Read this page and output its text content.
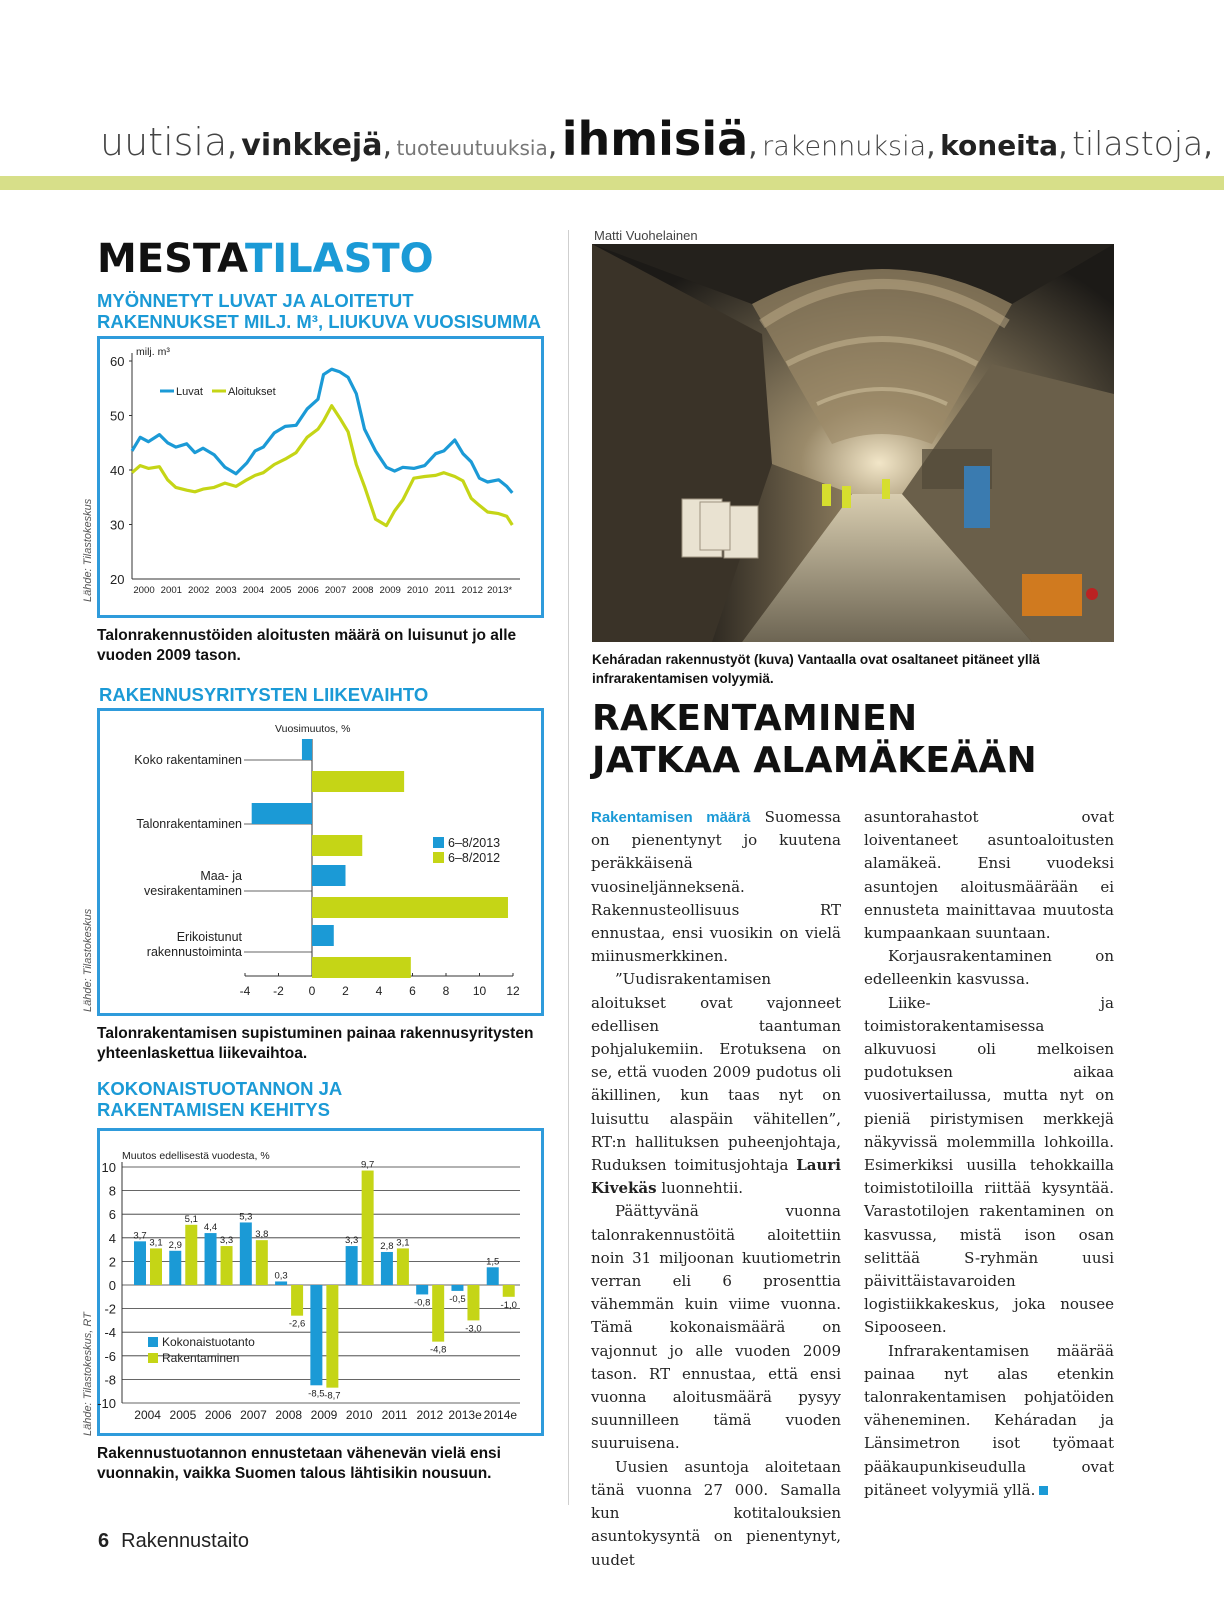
uutisia, vinkkejä, tuoteuutuuksia, ihmisiä, rakennuksia, koneita, tilastoja,
MESTATILASTO
MYÖNNETYT LUVAT JA ALOITETUT RAKENNUKSET MILJ. M³, LIUKUVA VUOSISUMMA
60
50
40
30
20
milj. m³
2000 2001 2002 2003 2004 2005 2006 2007 2008 2009 2010 2011 2012 2013*
Luvat Aloitukset
Lähde: Tilastokeskus
Talonrakennustöiden aloitusten määrä on luisunut jo alle vuoden 2009 tason.
RAKENNUSYRITYSTEN LIIKEVAIHTO
Vuosimuutos, %
-4 -2 0 2 4 6 8 10 12
Koko rakentaminen
Talonrakentaminen
Maa- ja
vesirakentaminen
Erikoistunut
rakennustoiminta
6–8/2013
6–8/2012
Lähde: Tilastokeskus
Talonrakentamisen supistuminen painaa rakennusyritysten yhteenlaskettua liikevaihtoa.
KOKONAISTUOTANNON JA RAKENTAMISEN KEHITYS
Muutos edellisestä vuodesta, %
10
8
6
4
2
0
-2
-4
-6
-8
-10
2004
3,7
3,1
2005
2,9
5,1
2006
4,4
3,3
2007
5,3
3,8
2008
0,3
-2,6
2009
-8,5 -8,7
2010
3,3
9,7
2011
2,8 3,1
2012
-0,8
-4,8
2013e
-0,5
-3,0
2014e
1,5
-1,0
Kokonaistuotanto
Rakentaminen
Lähde: Tilastokeskus, RT
Rakennustuotannon ennustetaan vähenevän vielä ensi vuonnakin, vaikka Suomen talous lähtisikin nousuun.
Matti Vuohelainen
Keháradan rakennustyöt (kuva) Vantaalla ovat osaltaneet pitäneet yllä infrarakentamisen volyymiä.
RAKENTAMINEN
JATKAA ALAMÄKEÄÄN

Rakentamisen määrä Suomessa on pienentynyt jo kuutena peräkkäisenä vuosineljänneksenä. Rakennusteollisuus RT ennustaa, ensi vuosikin on vielä miinusmerkkinen.

”Uudisrakentamisen aloitukset ovat vajonneet edellisen taantuman pohjalukemiin. Erotuksena on se, että vuoden 2009 pudotus oli äkillinen, kun taas nyt on luisuttu alaspäin vähitellen”, RT:n hallituksen puheenjohtaja, Ruduksen toimitusjohtaja Lauri Kivekäs luonnehtii.

Päättyvänä vuonna talonrakennustöitä aloitettiin noin 31 miljoonan kuutiometrin verran eli 6 prosenttia vähemmän kuin viime vuonna. Tämä kokonaismäärä on vajonnut jo alle vuoden 2009 tason. RT ennustaa, että ensi vuonna aloitusmäärä pysyy suunnilleen tämä vuoden suuruisena.

Uusien asuntoja aloitetaan tänä vuonna 27 000. Samalla kun kotitalouksien asuntokysyntä on pienentynyt, uudet

asuntorahastot ovat loiventaneet asuntoaloitusten alamäkeä. Ensi vuodeksi asuntojen aloitusmäärään ei ennusteta mainittavaa muutosta kumpaankaan suuntaan.

Korjausrakentaminen on edelleenkin kasvussa.

Liike- ja toimistorakentamisessa alkuvuosi oli melkoisen pudotuksen aikaa vuosivertailussa, mutta nyt on pieniä piristymisen merkkejä näkyvissä molemmilla lohkoilla. Esimerkiksi uusilla tehokkailla toimistotiloilla riittää kysyntää. Varastotilojen rakentaminen on kasvussa, mistä ison osan selittää S-ryhmän uusi päivittäistavaroiden logistiikkakeskus, joka nousee Sipooseen.

Infrarakentamisen määrää painaa nyt alas etenkin talonrakentamisen pohjatöiden väheneminen. Keháradan ja Länsimetron isot työmaat pääkaupunkiseudulla ovat pitäneet volyymiä yllä.

6 Rakennustaito
